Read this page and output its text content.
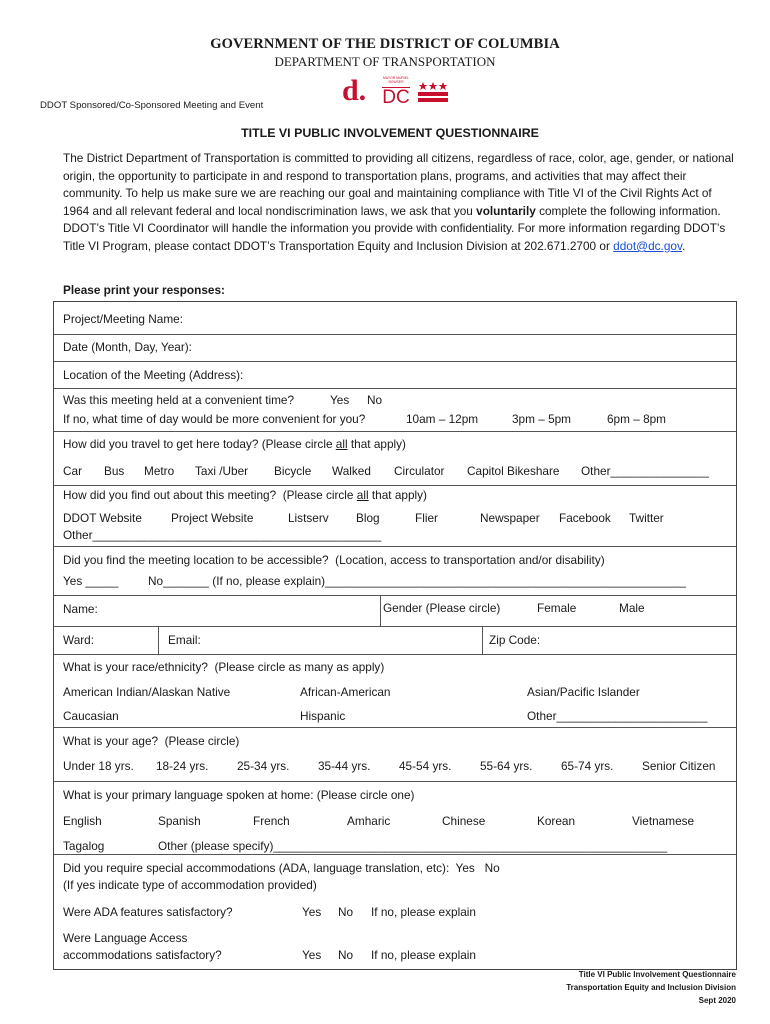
GOVERNMENT OF THE DISTRICT OF COLUMBIA
DEPARTMENT OF TRANSPORTATION
DDOT Sponsored/Co-Sponsored Meeting and Event	d.	MAYOR MURIEL BOWSER
DC
TITLE VI PUBLIC INVOLVEMENT QUESTIONNAIRE
The District Department of Transportation is committed to providing all citizens, regardless of race, color, age, gender, or national origin, the opportunity to participate in and respond to transportation plans, programs, and activities that may affect their community. To help us make sure we are reaching our goal and maintaining compliance with Title VI of the Civil Rights Act of 1964 and all relevant federal and local nondiscrimination laws, we ask that you voluntarily complete the following information. DDOT’s Title VI Coordinator will handle the information you provide with confidentiality. For more information regarding DDOT’s Title VI Program, please contact DDOT’s Transportation Equity and Inclusion Division at 202.671.2700 or ddot@dc.gov.
Please print your responses:
Project/Meeting Name:
Date (Month, Day, Year):
Location of the Meeting (Address):
Was this meeting held at a convenient time?	Yes No
If no, what time of day would be more convenient for you?	10am – 12pm	3pm – 5pm	6pm – 8pm
How did you travel to get here today? (Please circle all that apply)
Car Bus Metro Taxi /Uber Bicycle Walked Circulator Capitol Bikeshare Other_______________
How did you find out about this meeting?  (Please circle all that apply)
DDOT Website Project Website	Listserv Blog	Flier	Newspaper Facebook Twitter
Other____________________________________________
Did you find the meeting location to be accessible?  (Location, access to transportation and/or disability)
Yes _____	No_______ (If no, please explain)_______________________________________________________
Name:	Gender (Please circle)	Female	Male
Ward:	Email:	Zip Code:
What is your race/ethnicity?  (Please circle as many as apply)
American Indian/Alaskan Native	African-American	Asian/Pacific Islander
Caucasian	Hispanic	Other_______________________
What is your age?  (Please circle)
Under 18 yrs. 18-24 yrs. 25-34 yrs. 35-44 yrs. 45-54 yrs. 55-64 yrs. 65-74 yrs. Senior Citizen
What is your primary language spoken at home: (Please circle one)
English	Spanish	French	Amharic	Chinese	Korean	Vietnamese
Tagalog	Other (please specify)____________________________________________________________
Did you require special accommodations (ADA, language translation, etc):  Yes   No
(If yes indicate type of accommodation provided)
Were ADA features satisfactory?	Yes No If no, please explain
Were Language Access
accommodations satisfactory?	Yes No If no, please explain
Title VI Public Involvement Questionnaire
Transportation Equity and Inclusion Division
Sept 2020
